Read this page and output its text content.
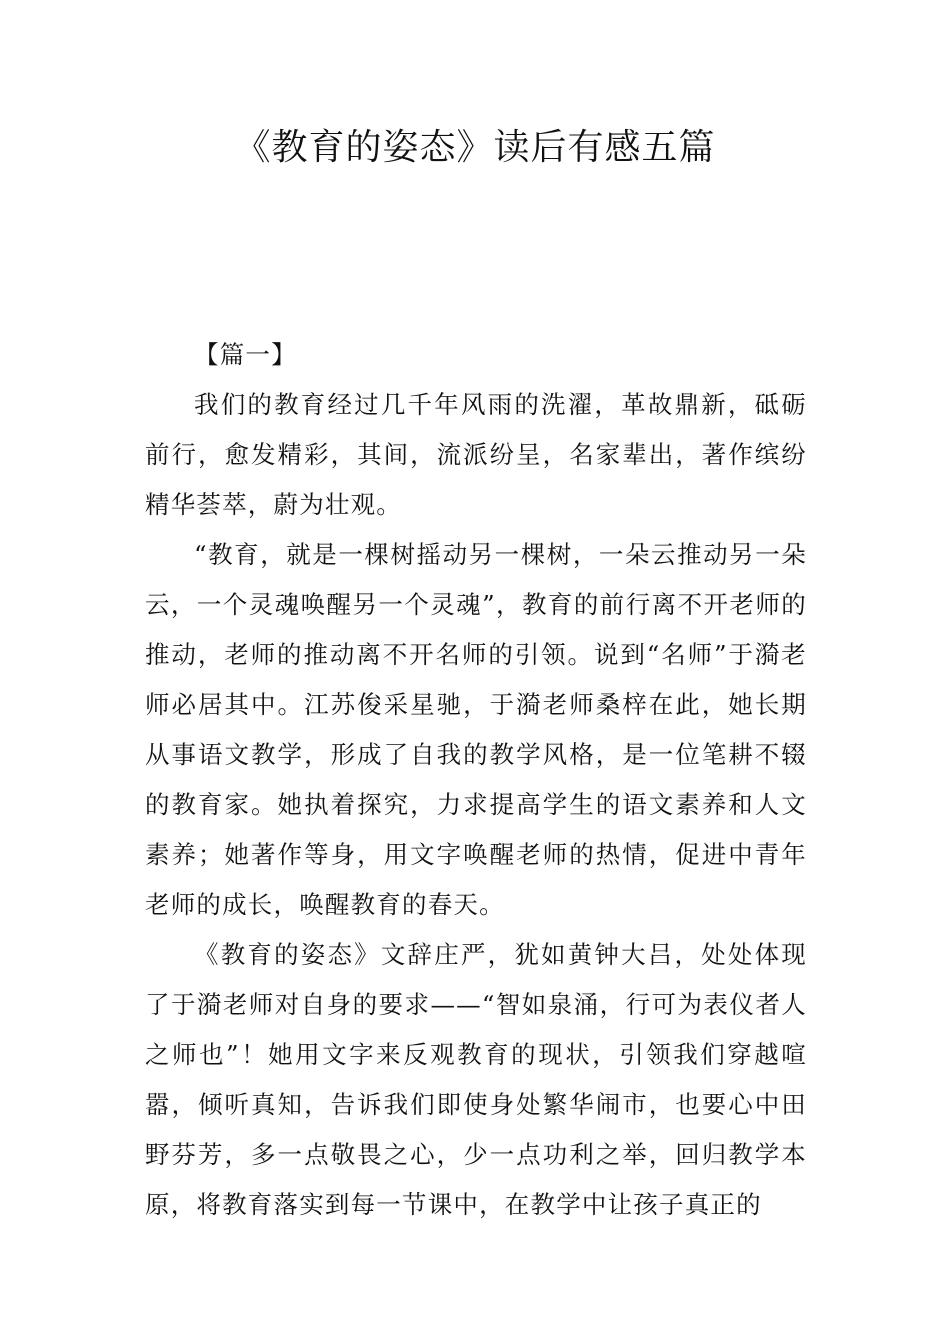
《教育的姿态》读后有感五篇
【篇一】

我们的教育经过几千年风雨的洗濯，革故鼎新，砥砺前行，愈发精彩，其间，流派纷呈，名家辈出，著作缤纷精华荟萃，蔚为壮观。

“教育，就是一棵树摇动另一棵树，一朵云推动另一朵云，一个灵魂唤醒另一个灵魂”，教育的前行离不开老师的推动，老师的推动离不开名师的引领。说到“名师”于漪老师必居其中。江苏俊采星驰，于漪老师桑梓在此，她长期从事语文教学，形成了自我的教学风格，是一位笔耕不辍的教育家。她执着探究，力求提高学生的语文素养和人文素养；她著作等身，用文字唤醒老师的热情，促进中青年老师的成长，唤醒教育的春天。

《教育的姿态》文辞庄严，犹如黄钟大吕，处处体现了于漪老师对自身的要求——“智如泉涌，行可为表仪者人之师也”！她用文字来反观教育的现状，引领我们穿越喧嚣，倾听真知，告诉我们即使身处繁华闹市，也要心中田野芬芳，多一点敬畏之心，少一点功利之举，回归教学本原，将教育落实到每一节课中，在教学中让孩子真正的
